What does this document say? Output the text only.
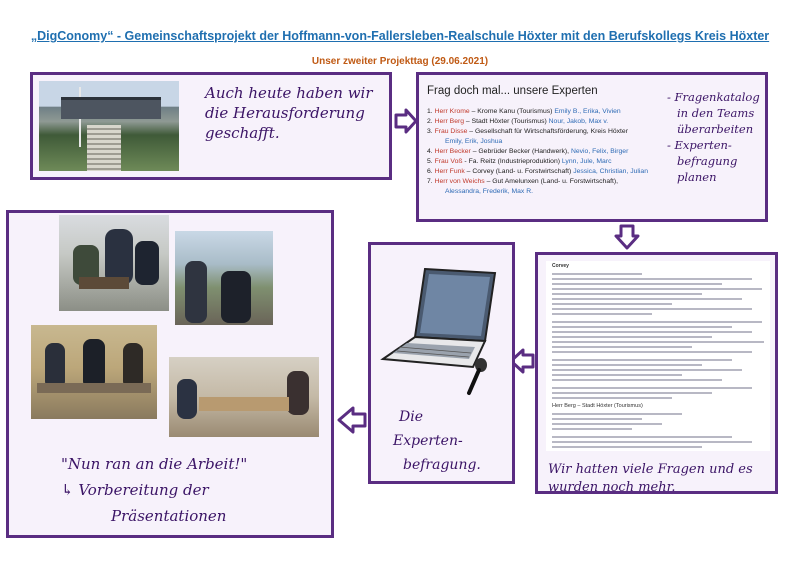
„DigConomy“ - Gemeinschaftsprojekt der Hoffmann-von-Fallersleben-Realschule Höxter mit den Berufskollegs Kreis Höxter
Unser zweiter Projekttag (29.06.2021)
Auch heute haben wir die Herausforderung geschafft.
Frag doch mal... unsere Experten
1. Herr Krome – Krome Kanu (Tourismus) Emily B., Erika, Vivien
2. Herr Berg – Stadt Höxter (Tourismus) Nour, Jakob, Max v.
3. Frau Disse – Gesellschaft für Wirtschaftsförderung, Kreis Höxter
Emily, Erik, Joshua
4. Herr Becker – Gebrüder Becker (Handwerk), Nevio, Felix, Birger
5. Frau Voß - Fa. Reitz (Industrieproduktion) Lynn, Jule, Marc
6. Herr Funk – Corvey (Land- u. Forstwirtschaft) Jessica, Christian, Julian
7. Herr von Weichs – Gut Amelunxen (Land- u. Forstwirtschaft),
Alessandra, Frederik, Max R.
- Fragenkatalog
in den Teams
überarbeiten
- Experten-
befragung
planen
Corvey
Herr Berg – Stadt Höxter (Tourismus)
Wir hatten viele Fragen und es wurden noch mehr.
Die
Experten-
befragung.
"Nun ran an die Arbeit!"
↳ Vorbereitung der
Präsentationen
